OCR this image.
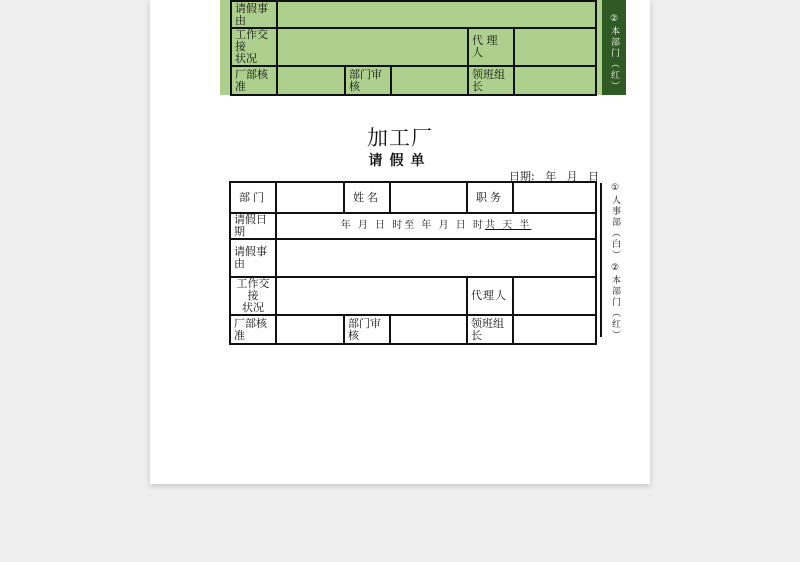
请假事由					
工作交接
状况				代 理 人	
厂部核准		部门审核		领班组长		②本部门（红）
加工厂
请假单
日期:   年   月   日
部门		姓名		职务	
请假日期	年 月 日 时至 年 月 日 时共 天 半				
请假事由					
工作交接
状况				代理人	
厂部核准		部门审核		领班组长	
①人事部（白）
②本部门（红）
